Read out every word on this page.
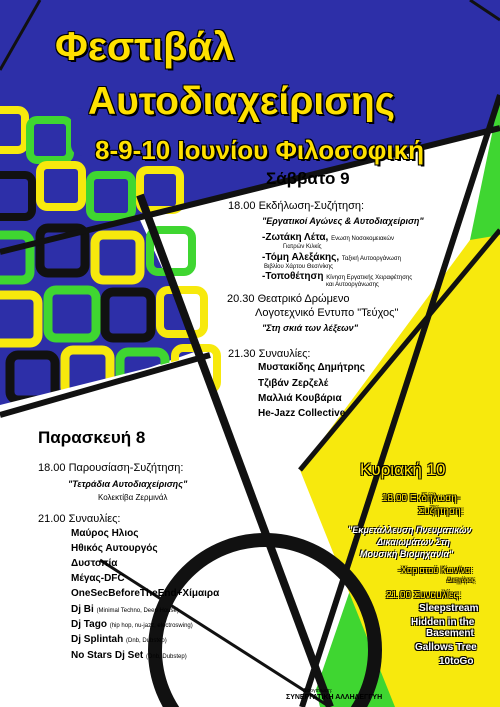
Φεστιβάλ
Αυτοδιαχείρισης
8-9-10 Ιουνίου Φιλοσοφική
Σάββατο 9
18.00 Εκδήλωση-Συζήτηση:
"Εργατικοί Αγώνες & Αυτοδιαχείριση"
-Ζωτάκη Λέτα, Ενωση Νοσοκομειακών
Γιατρών Κιλκίς
-Τόμη Αλεξάκης, Ταξική Αυτοοργάνωση
Βιβλίου Χάρτου Θεσ/νίκης
-Τοποθέτηση Κίνηση Εργατικής Χειραφέτησης
και Αυτοοργάνωσης
20.30 Θεατρικό Δρώμενο
Λογοτεχνικό Εντυπο "Τεύχος"
"Στη σκιά των λέξεων"
21.30 Συναυλίες:
Μυστακίδης Δημήτρης
Τζιβάν Ζερζελέ
Μαλλιά Κουβάρια
He-Jazz Collective
Παρασκευή 8
18.00 Παρουσίαση-Συζήτηση:
"Τετράδια Αυτοδιαχείρισης"
Κολεκτίβα Ζερμινάλ
21.00 Συναυλίες:
Μαύρος Ηλιος
Ηθικός Αυτουργός
Δυστοπία
Μέγας-DFC
OneSecBeforeTheEnd+Χίμαιρα
Dj Bi (Minimal Techno, Deep House)
Dj Tago (hip hop, nu-jazz, electroswing)
Dj Splintah (Dnb, Dubstep)
No Stars Dj Set (Dnb, Dubstep)
Κυριακή 10
18.00 Εκδήλωση-
Συζήτηση:
"Εκμετάλλευση Πνευματικών
Δικαιωμάτων Στη
Μουσική Βιομηχανία"
-Χαριστού Κων/να:
Δικηγόρος
21.00 Συναυλίες:
Sleepstream
Hidden in the
Basement
Gallows Tree
10toGo
Διοργάνωση:
ΣΥΝΕΡΓΑΤΙΚΗ ΑΛΛΗΛΕΓΓΥΗ
